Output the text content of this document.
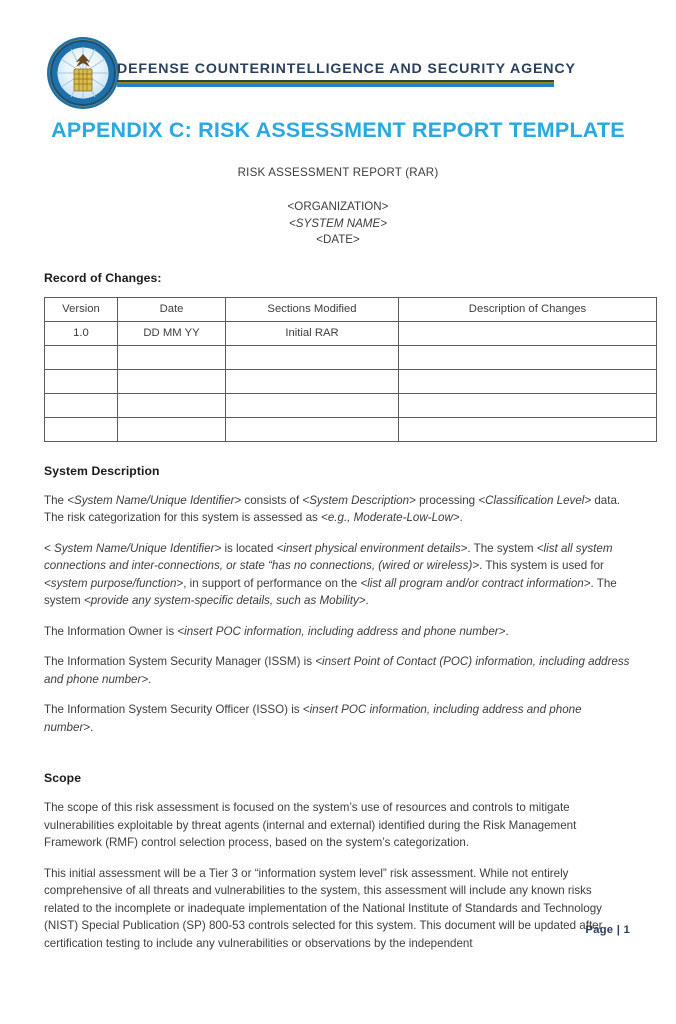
DEFENSE COUNTERINTELLIGENCE AND SECURITY AGENCY
APPENDIX C: RISK ASSESSMENT REPORT TEMPLATE
RISK ASSESSMENT REPORT (RAR)
<ORGANIZATION>
<SYSTEM NAME>
<DATE>
Record of Changes:
Version	Date	Sections Modified	Description of Changes
1.0	DD MM YY	Initial RAR	

System Description

The <System Name/Unique Identifier> consists of <System Description> processing <Classification Level> data. The risk categorization for this system is assessed as <e.g., Moderate-Low-Low>.

< System Name/Unique Identifier> is located <insert physical environment details>. The system <list all system connections and inter-connections, or state “has no connections, (wired or wireless)>. This system is used for <system purpose/function>, in support of performance on the <list all program and/or contract information>. The system <provide any system-specific details, such as Mobility>.

The Information Owner is <insert POC information, including address and phone number>.

The Information System Security Manager (ISSM) is <insert Point of Contact (POC) information, including address and phone number>.

The Information System Security Officer (ISSO) is <insert POC information, including address and phone number>.

Scope

The scope of this risk assessment is focused on the system’s use of resources and controls to mitigate vulnerabilities exploitable by threat agents (internal and external) identified during the Risk Management Framework (RMF) control selection process, based on the system’s categorization.

This initial assessment will be a Tier 3 or “information system level” risk assessment. While not entirely comprehensive of all threats and vulnerabilities to the system, this assessment will include any known risks related to the incomplete or inadequate implementation of the National Institute of Standards and Technology (NIST) Special Publication (SP) 800-53 controls selected for this system. This document will be updated after certification testing to include any vulnerabilities or observations by the independent

Page | 1
